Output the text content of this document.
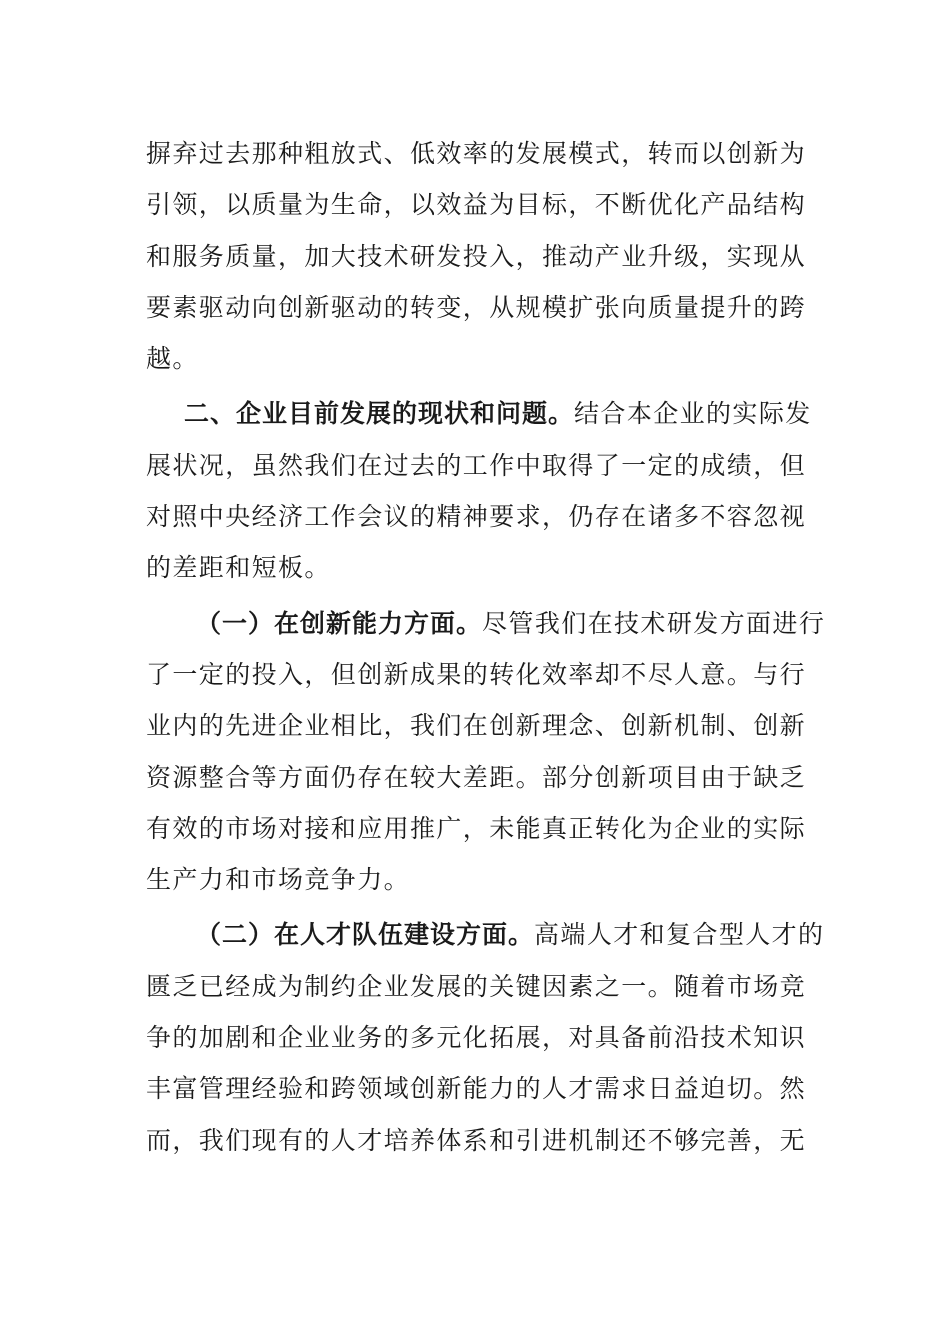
摒弃过去那种粗放式、低效率的发展模式，转而以创新为
引领，以质量为生命，以效益为目标，不断优化产品结构
和服务质量，加大技术研发投入，推动产业升级，实现从
要素驱动向创新驱动的转变，从规模扩张向质量提升的跨
越。
二、企业目前发展的现状和问题。结合本企业的实际发
展状况，虽然我们在过去的工作中取得了一定的成绩，但
对照中央经济工作会议的精神要求，仍存在诸多不容忽视
的差距和短板。
（一）在创新能力方面。尽管我们在技术研发方面进行
了一定的投入，但创新成果的转化效率却不尽人意。与行
业内的先进企业相比，我们在创新理念、创新机制、创新
资源整合等方面仍存在较大差距。部分创新项目由于缺乏
有效的市场对接和应用推广，未能真正转化为企业的实际
生产力和市场竞争力。
（二）在人才队伍建设方面。高端人才和复合型人才的
匮乏已经成为制约企业发展的关键因素之一。随着市场竞
争的加剧和企业业务的多元化拓展，对具备前沿技术知识
丰富管理经验和跨领域创新能力的人才需求日益迫切。然
而，我们现有的人才培养体系和引进机制还不够完善，无
